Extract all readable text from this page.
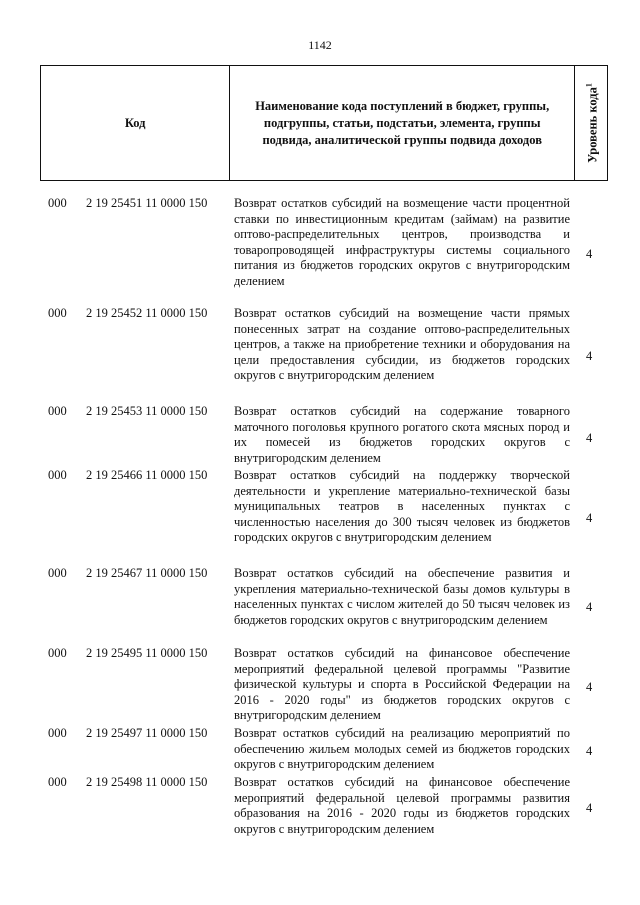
1142
Код
Наименование кода поступлений в бюджет, группы, подгруппы, статьи, подстатьи, элемента, группы подвида, аналитической группы подвида доходов	Уровень кода$^1$
000 2 19 25451 11 0000 150 Возврат остатков субсидий на возмещение части процентной ставки по инвестиционным кредитам (займам) на развитие оптово-распределительных центров, производства и товаропроводящей инфраструктуры системы социального питания из бюджетов городских округов с внутригородским делением
4
000 2 19 25452 11 0000 150 Возврат остатков субсидий на возмещение части прямых понесенных затрат на создание оптово-распределительных центров, а также на приобретение техники и оборудования на цели предоставления субсидии, из бюджетов городских округов с внутригородским делением
4
000 2 19 25453 11 0000 150 Возврат остатков субсидий на содержание товарного маточного поголовья крупного рогатого скота мясных пород и их помесей из бюджетов городских округов с внутригородским делением
4
000 2 19 25466 11 0000 150 Возврат остатков субсидий на поддержку творческой деятельности и укрепление материально-технической базы муниципальных театров в населенных пунктах с численностью населения до 300 тысяч человек из бюджетов городских округов с внутригородским делением
4
000 2 19 25467 11 0000 150 Возврат остатков субсидий на обеспечение развития и укрепления материально-технической базы домов культуры в населенных пунктах с числом жителей до 50 тысяч человек из бюджетов городских округов с внутригородским делением
4
000 2 19 25495 11 0000 150 Возврат остатков субсидий на финансовое обеспечение мероприятий федеральной целевой программы "Развитие физической культуры и спорта в Российской Федерации на 2016 - 2020 годы" из бюджетов городских округов с внутригородским делением
4
000 2 19 25497 11 0000 150 Возврат остатков субсидий на реализацию мероприятий по обеспечению жильем молодых семей из бюджетов городских округов с внутригородским делением
4
000 2 19 25498 11 0000 150 Возврат остатков субсидий на финансовое обеспечение мероприятий федеральной целевой программы развития образования на 2016 - 2020 годы из бюджетов городских округов с внутригородским делением
4
